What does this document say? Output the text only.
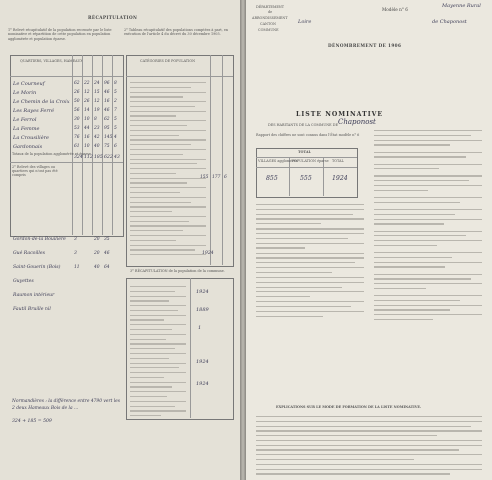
RÉCAPITULATION
1° Relevé récapitulatif de la population recensée par le liste nominative et répartition de cette population en population agglomérée et population éparse.
2° Tableau récapitulatif des populations comptées à part, en exécution de l'article 4 du décret du 30 décembre 1905.
QUARTIERS, VILLAGES, HAMEAUX
Le Courneuf	62 22 24 96 8
Le Morin	26 12 15 46 5
Le Chemin de la Croix 50 26 12 16 2
Les Rayes Ferré	56 14 19 46 7
Le Ferrol	30 10 8 62 5
La Femme	53 44 23 95 5
La Crousilière	76 16 42 145 4
Gardonnais	61 10 40 75 6
Totaux de la population agglomérée et éparse
324 112 185 622 43
2° Relevé des villages ou quartiers qui n'ont pas été compris
Gordon-de-la Bouilière 3	20 35
Gué Racoilles	3	20 46
Saint-Gouerin (Bois)	11	40 64
Guyettes
Raumon intérieur
Fautil Bruille nil
CATÉGORIES DE POPULATION
155 177 6
1924
3° RÉCAPITULATION de la population de la commune.
1924
1889
1
1924
1924
Normandières : la différence entre 4790 vert les
2 deux Hameaux Bois de la ...
324 + 185 = 509
DÉPARTEMENT
de
ARRONDISSEMENT
CANTON
COMMUNE
Loire
Modèle n° 6
Mayenne Rural
de Chaponost
DÉNOMBREMENT DE 1906
LISTE NOMINATIVE
DES HABITANTS DE LA COMMUNE DE Chaponost
Rapport des chiffres ne sont connus dans l'État modèle n° 6
TOTAL
VILLAGES agglomérés
POPULATION éparse TOTAL
855	555	1924
EXPLICATIONS SUR LE MODE DE FORMATION DE LA LISTE NOMINATIVE.
